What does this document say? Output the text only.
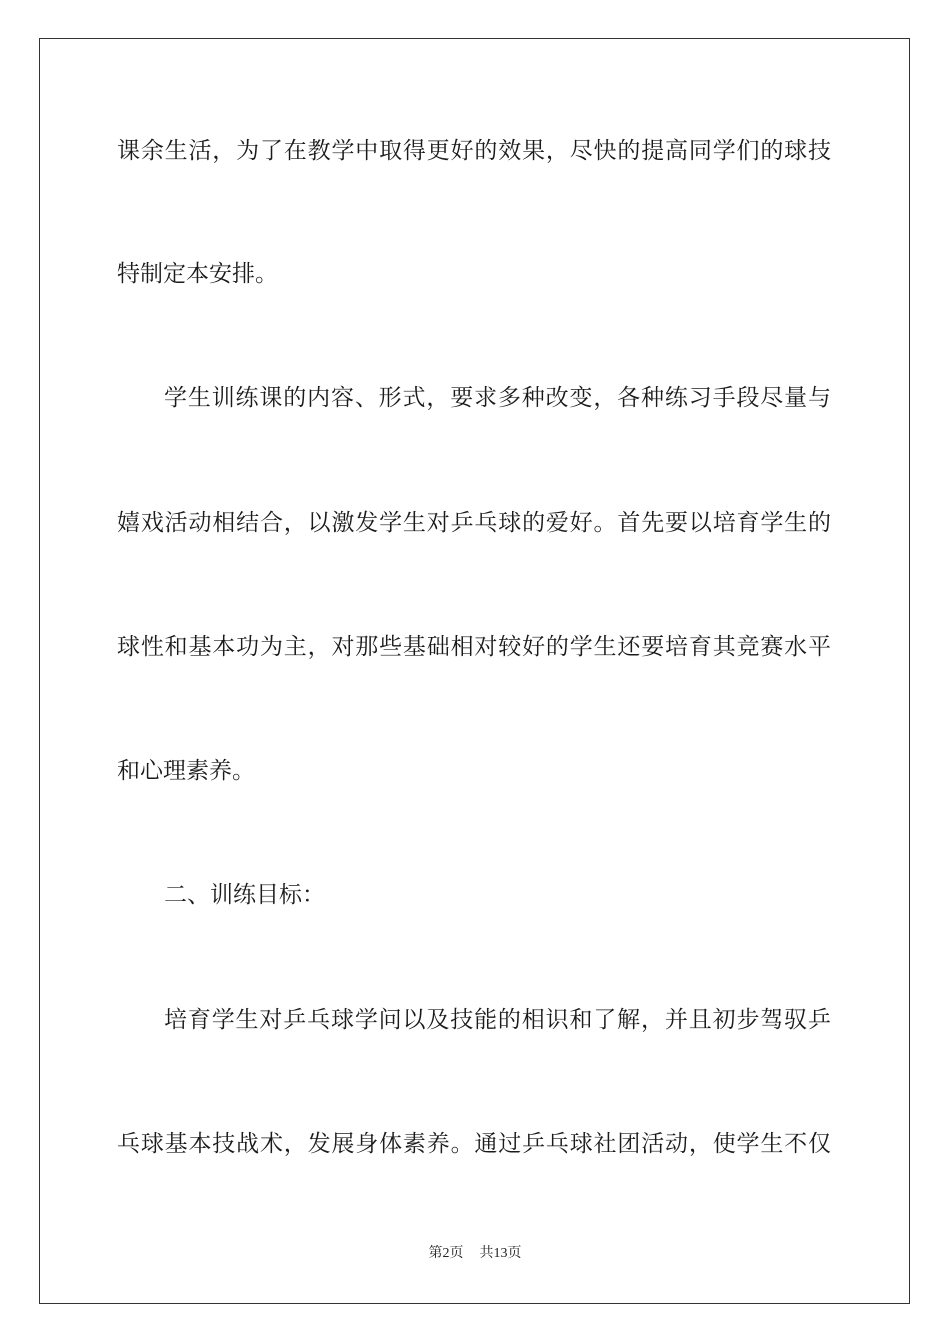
课余生活，为了在教学中取得更好的效果，尽快的提高同学们的球技
特制定本安排。
学生训练课的内容、形式，要求多种改变，各种练习手段尽量与
嬉戏活动相结合，以激发学生对乒乓球的爱好。首先要以培育学生的
球性和基本功为主，对那些基础相对较好的学生还要培育其竞赛水平
和心理素养。
二、训练目标：
培育学生对乒乓球学问以及技能的相识和了解，并且初步驾驭乒
乓球基本技战术，发展身体素养。通过乒乓球社团活动，使学生不仅
第2页 共13页
